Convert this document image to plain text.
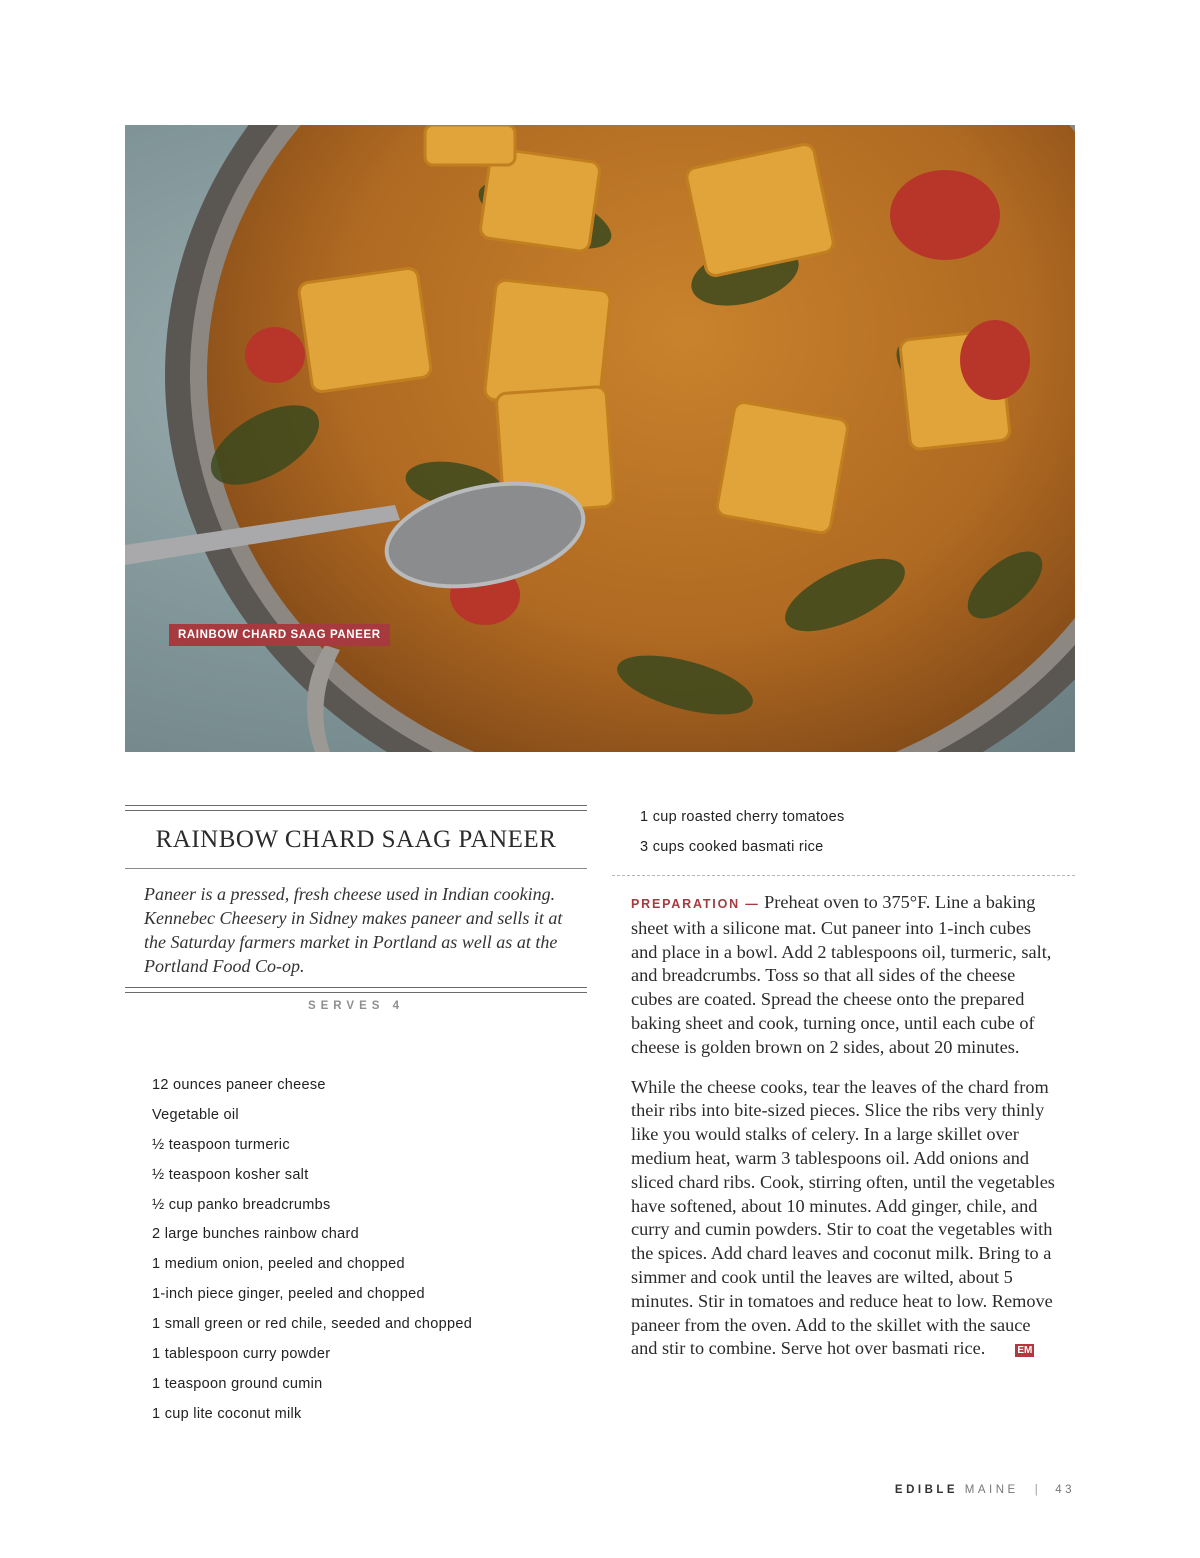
RAINBOW CHARD SAAG PANEER
RAINBOW CHARD SAAG PANEER
Paneer is a pressed, fresh cheese used in Indian cooking. Kennebec Cheesery in Sidney makes paneer and sells it at the Saturday farmers market in Portland as well as at the Portland Food Co-op.
SERVES 4
12 ounces paneer cheese
Vegetable oil
½ teaspoon turmeric
½ teaspoon kosher salt
½ cup panko breadcrumbs
2 large bunches rainbow chard
1 medium onion, peeled and chopped
1-inch piece ginger, peeled and chopped
1 small green or red chile, seeded and chopped
1 tablespoon curry powder
1 teaspoon ground cumin
1 cup lite coconut milk
1 cup roasted cherry tomatoes
3 cups cooked basmati rice

PREPARATION — Preheat oven to 375°F. Line a baking sheet with a silicone mat. Cut paneer into 1-inch cubes and place in a bowl. Add 2 tablespoons oil, turmeric, salt, and breadcrumbs. Toss so that all sides of the cheese cubes are coated. Spread the cheese onto the prepared baking sheet and cook, turning once, until each cube of cheese is golden brown on 2 sides, about 20 minutes.

While the cheese cooks, tear the leaves of the chard from their ribs into bite-sized pieces. Slice the ribs very thinly like you would stalks of celery. In a large skillet over medium heat, warm 3 tablespoons oil. Add onions and sliced chard ribs. Cook, stirring often, until the vegetables have softened, about 10 minutes. Add ginger, chile, and curry and cumin powders. Stir to coat the vegetables with the spices. Add chard leaves and coconut milk. Bring to a simmer and cook until the leaves are wilted, about 5 minutes. Stir in tomatoes and reduce heat to low. Remove paneer from the oven. Add to the skillet with the sauce and stir to combine. Serve hot over basmati rice.	EM

EDIBLE MAINE | 43
